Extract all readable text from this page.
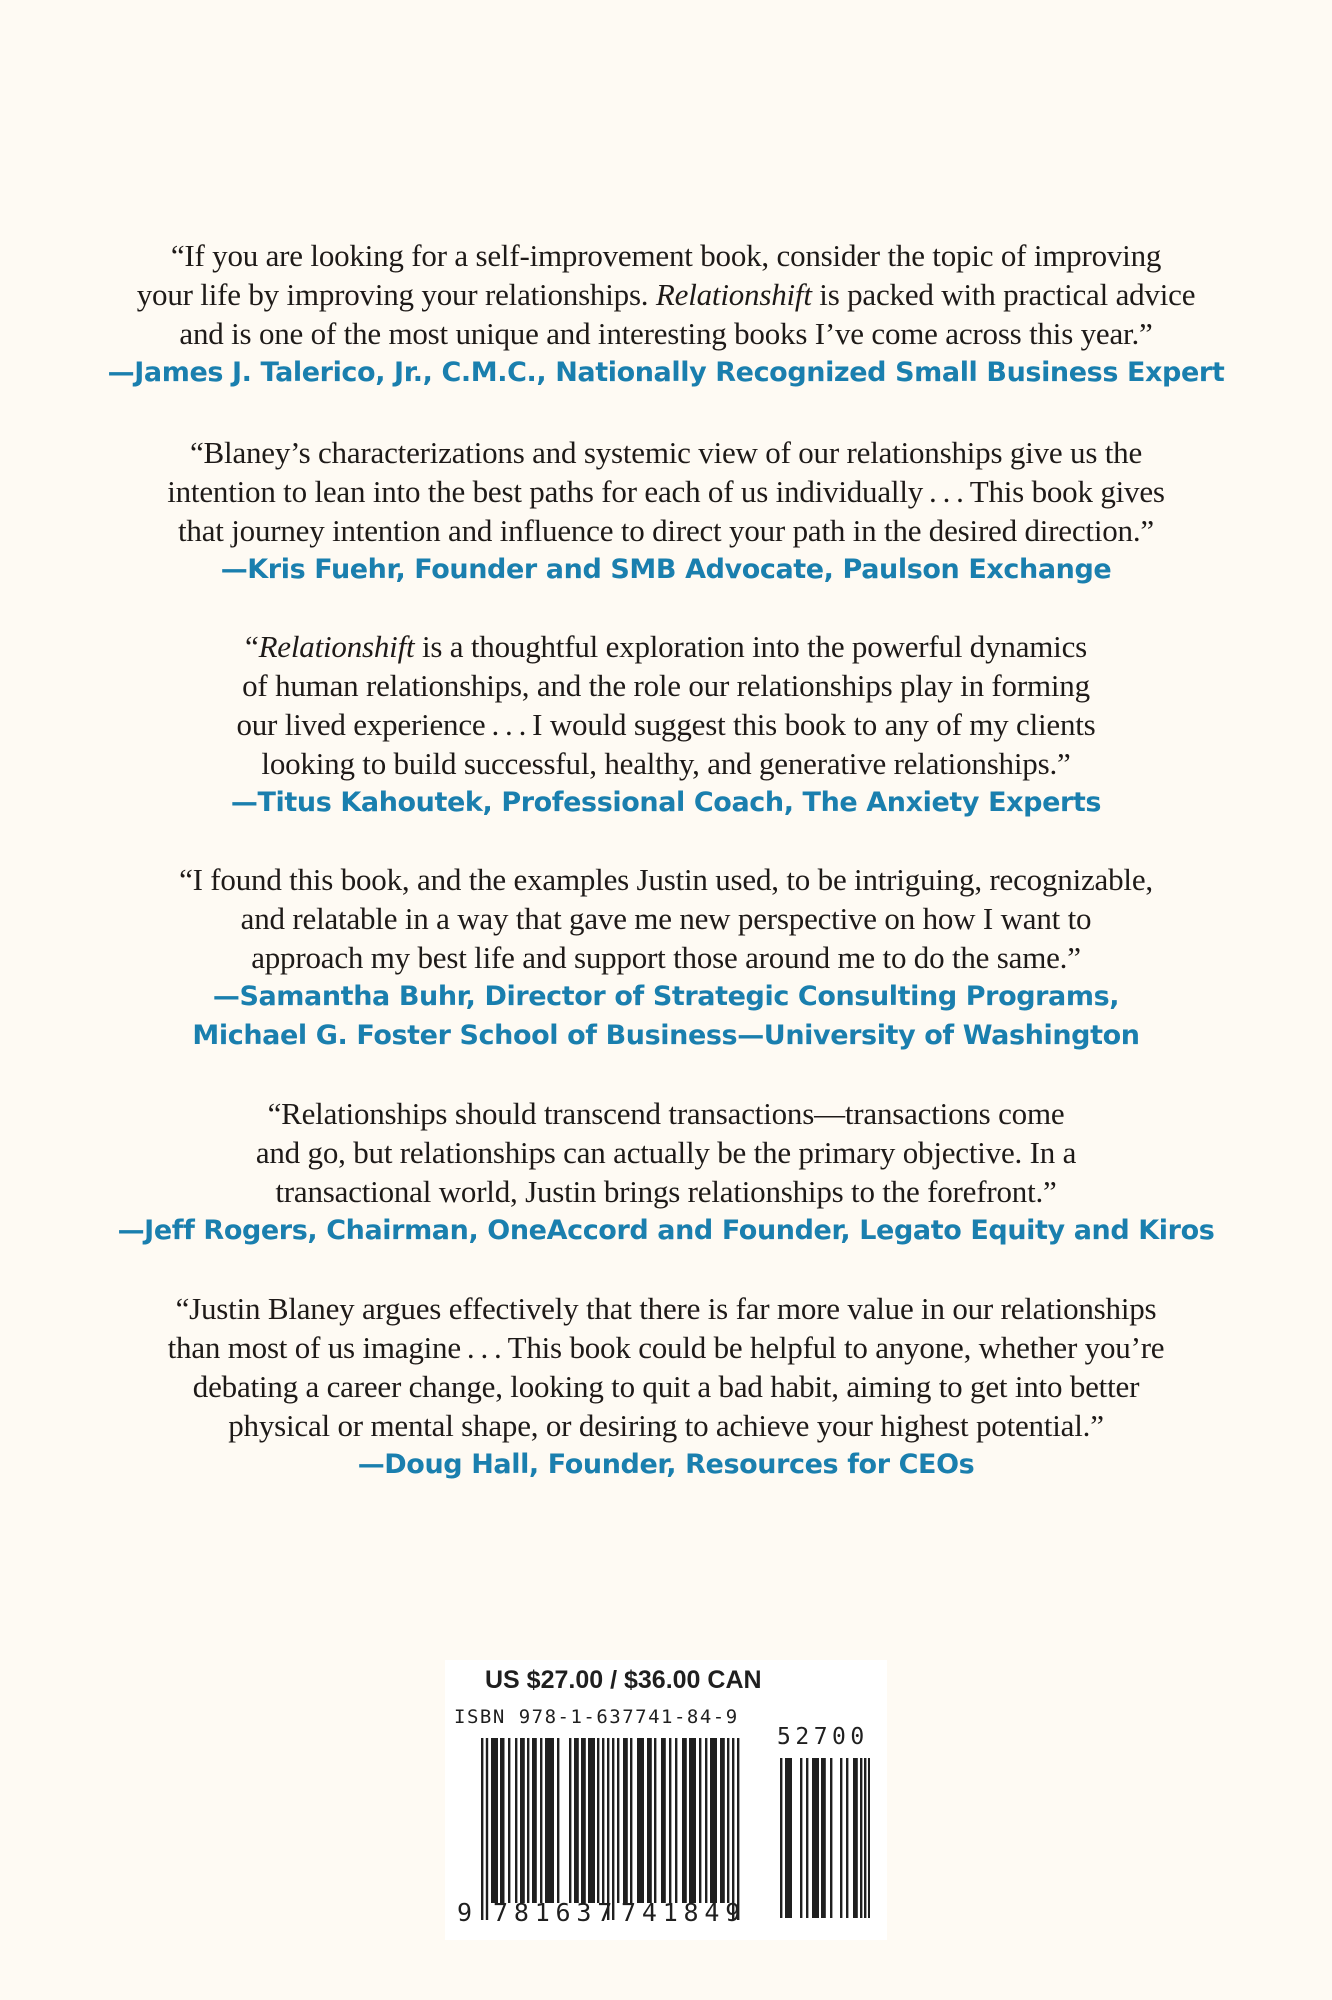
“If you are looking for a self-improvement book, consider the topic of improving
your life by improving your relationships. Relationshift is packed with practical advice
and is one of the most unique and interesting books I’ve come across this year.”
—James J. Talerico, Jr., C.M.C., Nationally Recognized Small Business Expert
“Blaney’s characterizations and systemic view of our relationships give us the
intention to lean into the best paths for each of us individually . . . This book gives
that journey intention and influence to direct your path in the desired direction.”
—Kris Fuehr, Founder and SMB Advocate, Paulson Exchange
“Relationshift is a thoughtful exploration into the powerful dynamics
of human relationships, and the role our relationships play in forming
our lived experience . . . I would suggest this book to any of my clients
looking to build successful, healthy, and generative relationships.”
—Titus Kahoutek, Professional Coach, The Anxiety Experts
“I found this book, and the examples Justin used, to be intriguing, recognizable,
and relatable in a way that gave me new perspective on how I want to
approach my best life and support those around me to do the same.”
—Samantha Buhr, Director of Strategic Consulting Programs,
Michael G. Foster School of Business—University of Washington
“Relationships should transcend transactions—transactions come
and go, but relationships can actually be the primary objective. In a
transactional world, Justin brings relationships to the forefront.”
—Jeff Rogers, Chairman, OneAccord and Founder, Legato Equity and Kiros
“Justin Blaney argues effectively that there is far more value in our relationships
than most of us imagine . . . This book could be helpful to anyone, whether you’re
debating a career change, looking to quit a bad habit, aiming to get into better
physical or mental shape, or desiring to achieve your highest potential.”
—Doug Hall, Founder, Resources for CEOs
US $27.00 / $36.00 CAN
ISBN 978-1-637741-84-9
9 781637 741849
52700
